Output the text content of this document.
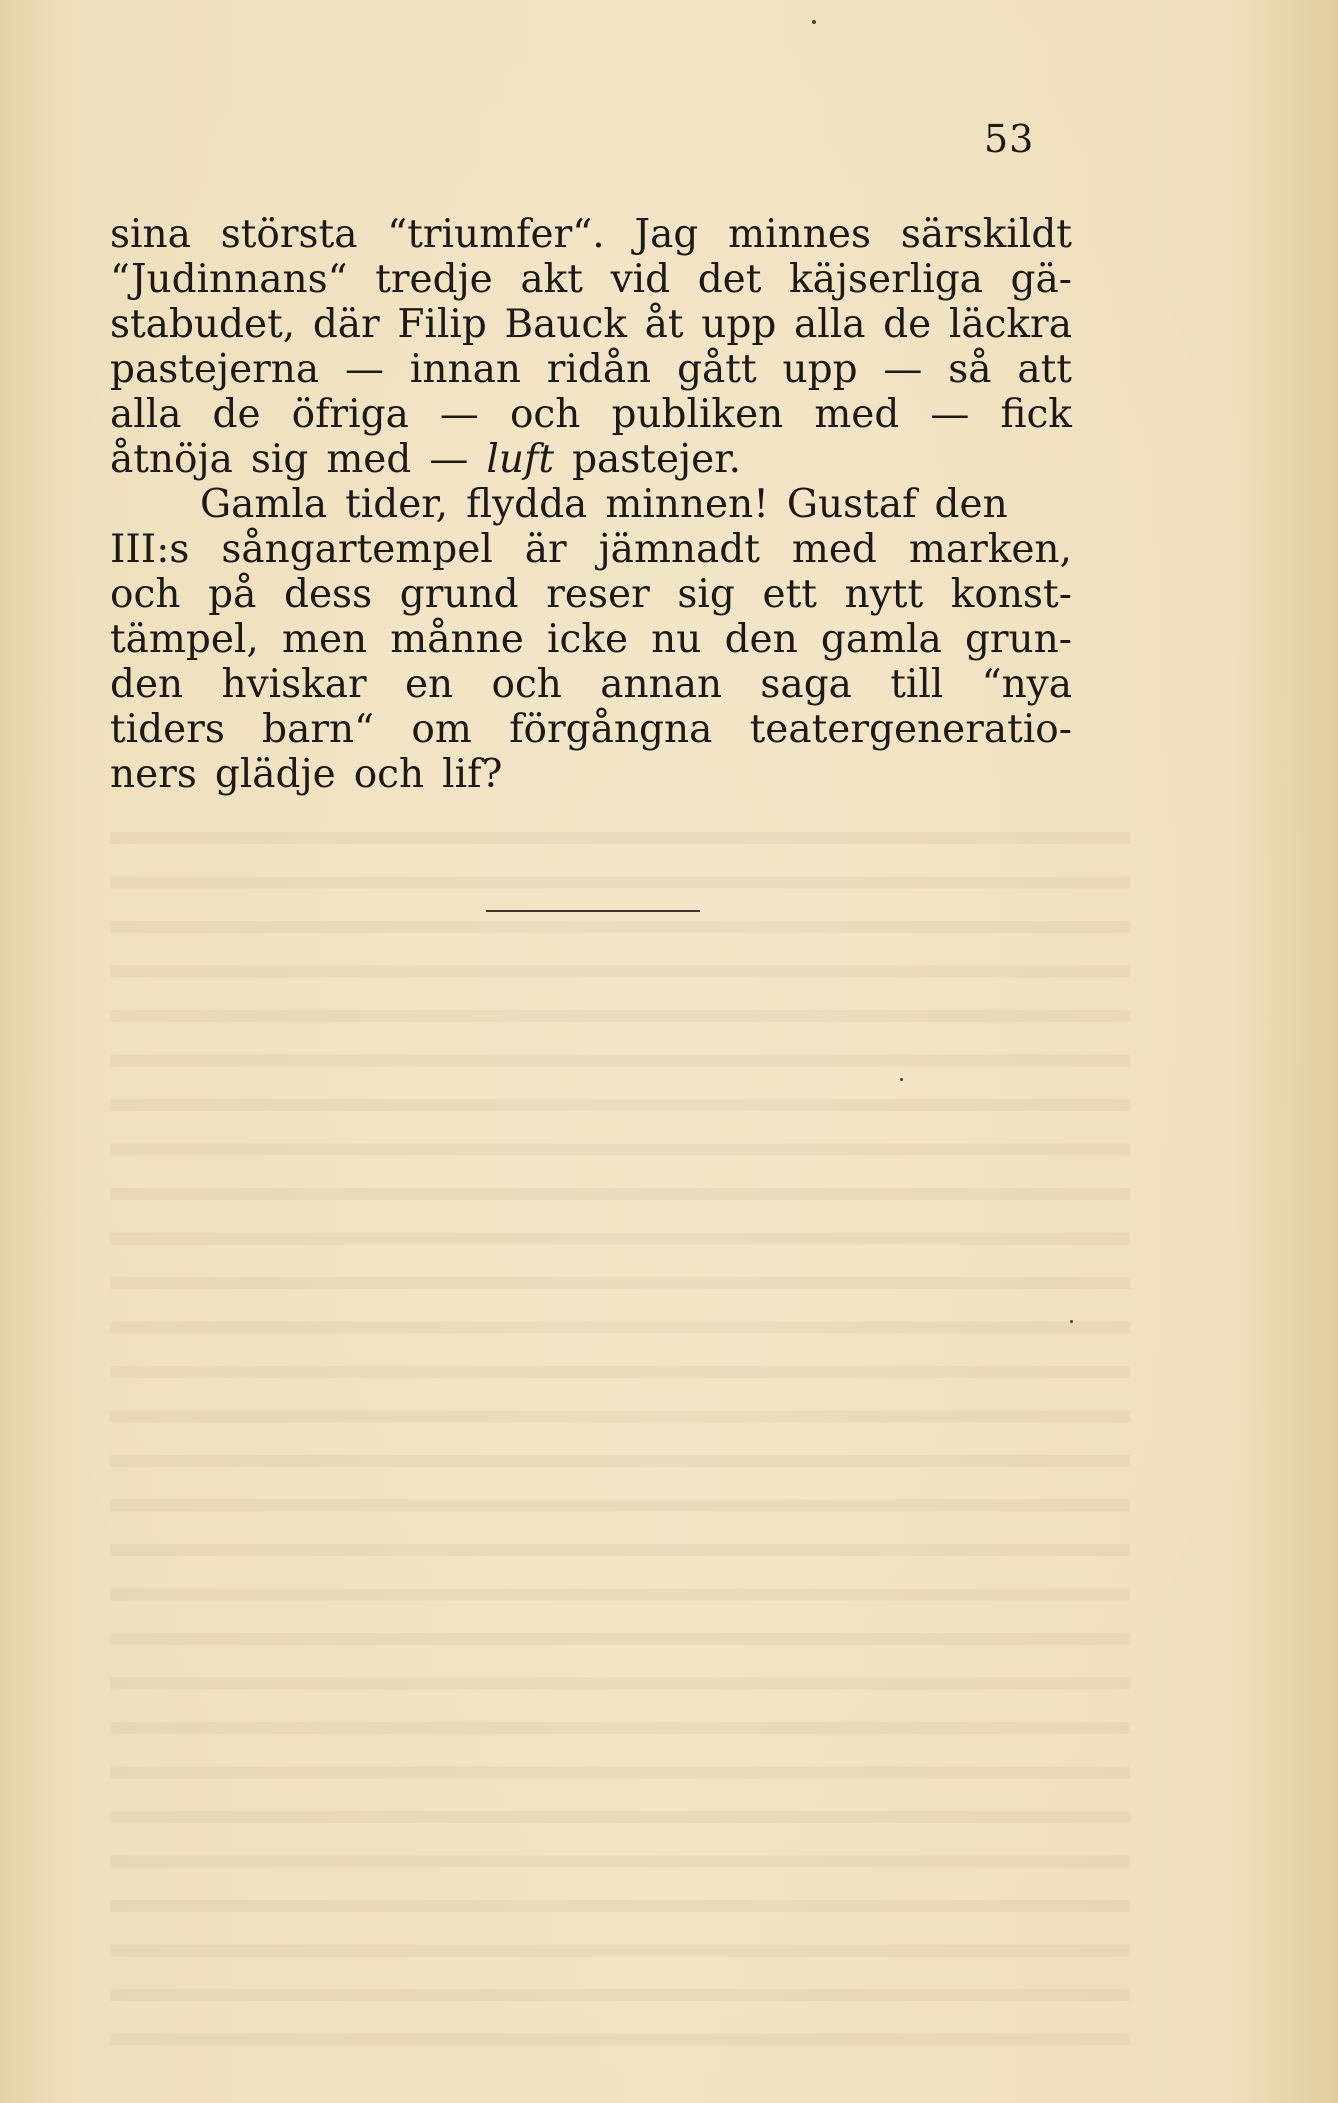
53
sina största “triumfer“. Jag minnes särskildt
“Judinnans“ tredje akt vid det käjserliga gä-
stabudet, där Filip Bauck åt upp alla de läckra
pastejerna — innan ridån gått upp — så att
alla de öfriga — och publiken med — fick
åtnöja sig med — luft pastejer.
Gamla tider, flydda minnen! Gustaf den
III:s sångartempel är jämnadt med marken,
och på dess grund reser sig ett nytt konst-
tämpel, men månne icke nu den gamla grun-
den hviskar en och annan saga till “nya
tiders barn“ om förgångna teatergeneratio-
ners glädje och lif?
